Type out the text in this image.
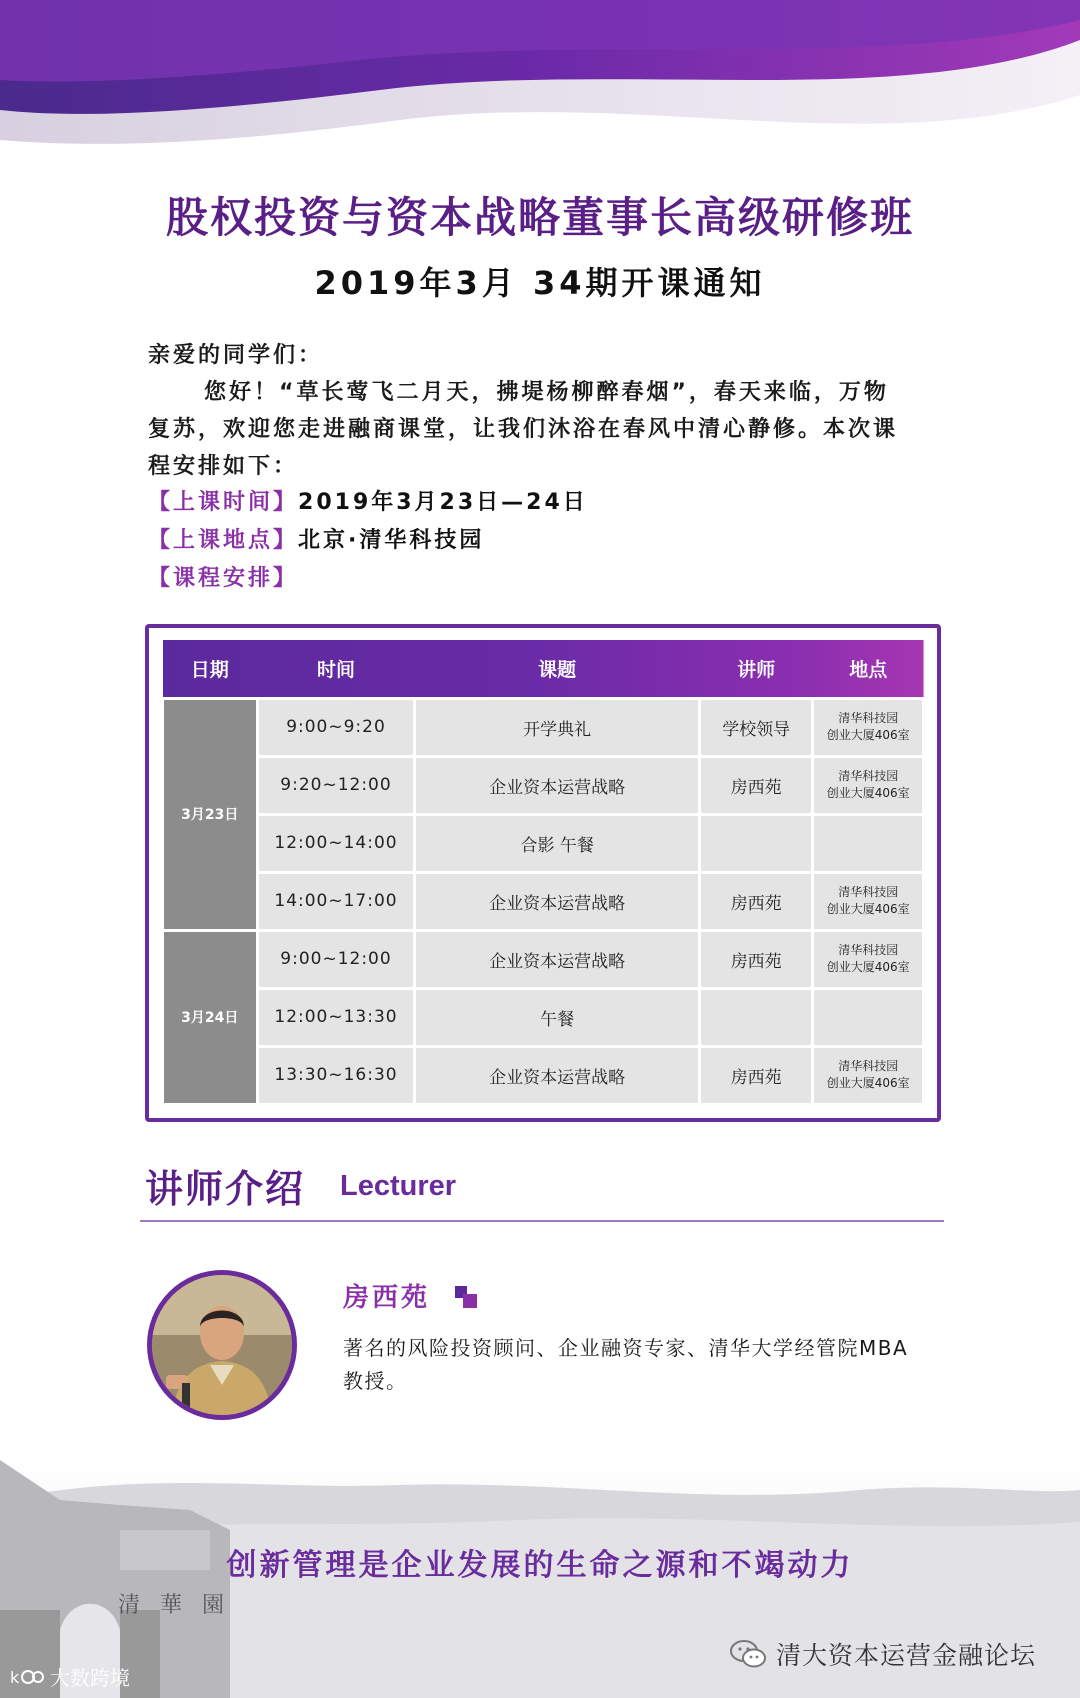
股权投资与资本战略董事长高级研修班
2019年3月 34期开课通知
亲爱的同学们：
您好！“草长莺飞二月天，拂堤杨柳醉春烟”，春天来临，万物
复苏，欢迎您走进融商课堂，让我们沐浴在春风中清心静修。本次课
程安排如下：
【上课时间】2019年3月23日—24日
【上课地点】北京·清华科技园
【课程安排】
日期	时间	课题	讲师	地点
3月23日	9:00~9:20	开学典礼	学校领导	清华科技园
创业大厦406室

	9:20~12:00	企业资本运营战略	房西苑	清华科技园
创业大厦406室

	12:00~14:00	合影 午餐		

	14:00~17:00	企业资本运营战略	房西苑	清华科技园
创业大厦406室

3月24日	9:00~12:00	企业资本运营战略	房西苑	清华科技园
创业大厦406室

	12:00~13:30	午餐		

	13:30~16:30	企业资本运营战略	房西苑	清华科技园
创业大厦406室
讲师介绍 Lecturer
房西苑
著名的风险投资顾问、企业融资专家、清华大学经管院MBA
教授。
清華園
创新管理是企业发展的生命之源和不竭动力
清大资本运营金融论坛
k 大数跨境
